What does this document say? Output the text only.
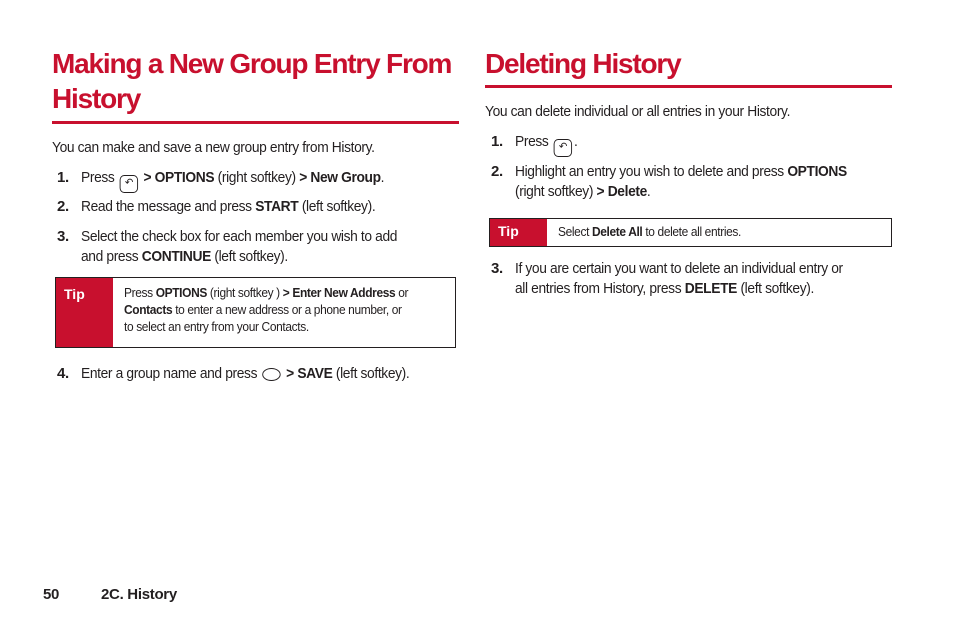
Making a New Group Entry From
History
You can make and save a new group entry from History.
1. Press ↶ > OPTIONS (right softkey) > New Group.
2. Read the message and press START (left softkey).
3. Select the check box for each member you wish to add
and press CONTINUE (left softkey).
Tip	Press OPTIONS (right softkey ) > Enter New Address or
Contacts to enter a new address or a phone number, or
to select an entry from your Contacts.
4. Enter a group name and press > SAVE (left softkey).
Deleting History
You can delete individual or all entries in your History.
1. Press ↶ .
2. Highlight an entry you wish to delete and press OPTIONS
(right softkey) > Delete.
Tip	Select Delete All to delete all entries.
3. If you are certain you want to delete an individual entry or
all entries from History, press DELETE (left softkey).
50	2C. History
